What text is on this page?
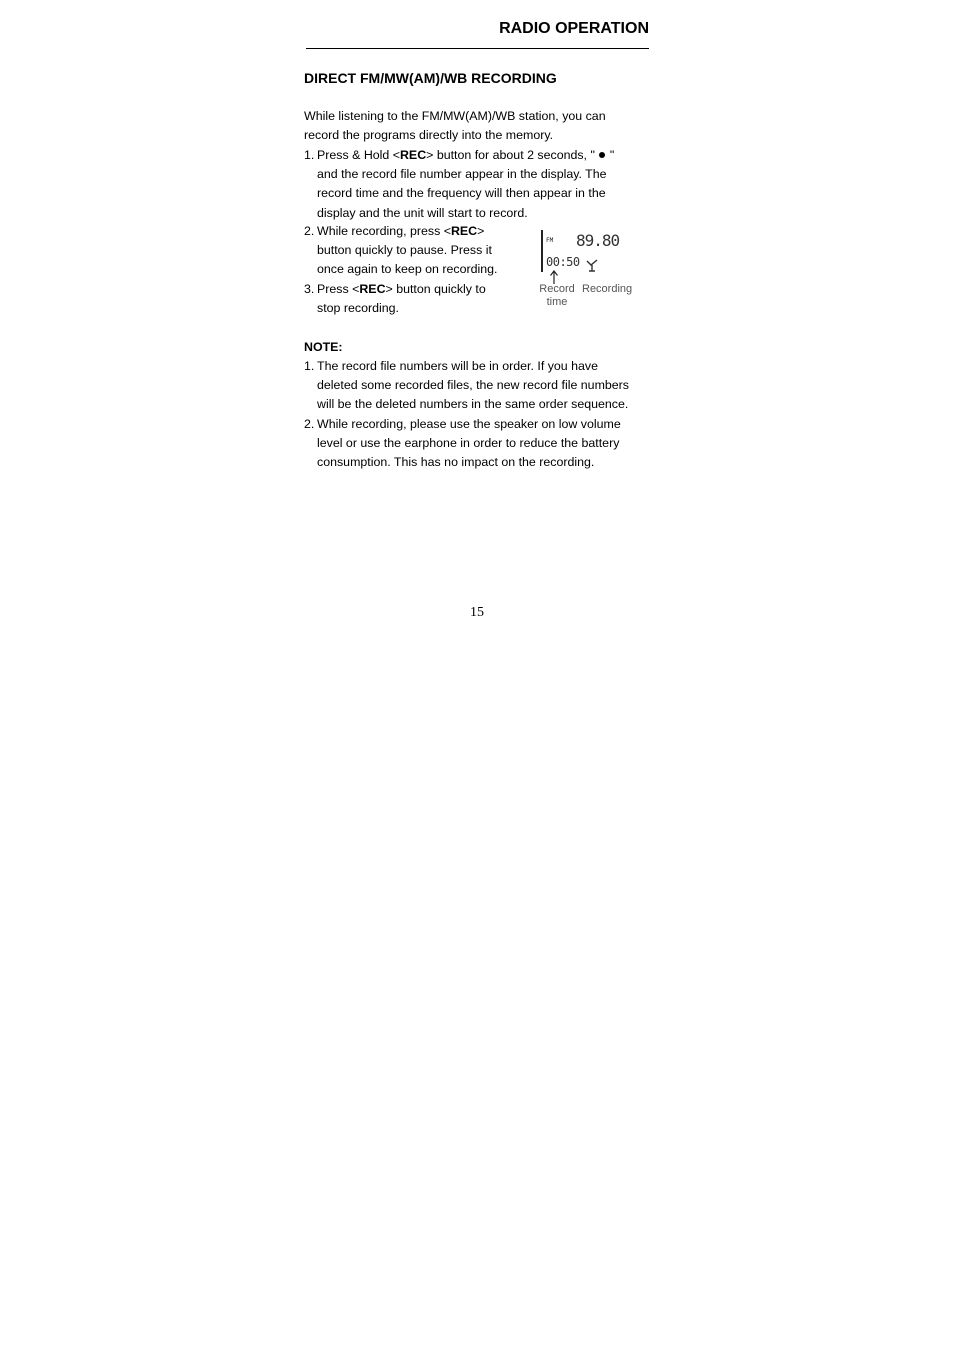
RADIO OPERATION
DIRECT FM/MW(AM)/WB RECORDING
While listening to the FM/MW(AM)/WB station, you can
record the programs directly into the memory.
1. Press & Hold <REC> button for about 2 seconds, " "
and the record file number appear in the display. The
record time and the frequency will then appear in the
display and the unit will start to record.
2. While recording, press <REC>
button quickly to pause. Press it
once again to keep on recording.
3. Press <REC> button quickly to
stop recording.
FM 89.80
00:50
Record
time
Recording
NOTE:
1. The record file numbers will be in order. If you have
deleted some recorded files, the new record file numbers
will be the deleted numbers in the same order sequence.
2. While recording, please use the speaker on low volume
level or use the earphone in order to reduce the battery
consumption. This has no impact on the recording.
15
